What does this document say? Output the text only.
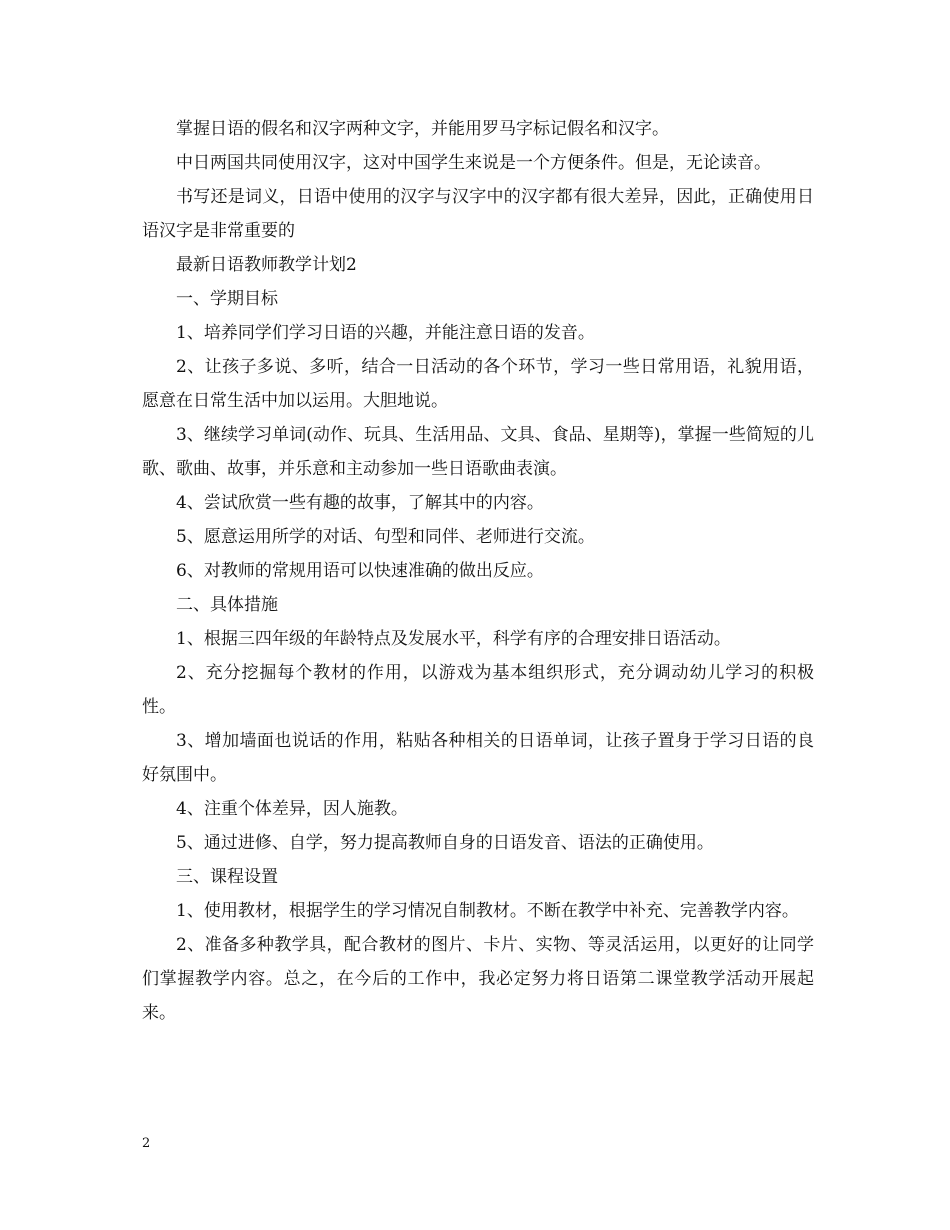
掌握日语的假名和汉字两种文字，并能用罗马字标记假名和汉字。

中日两国共同使用汉字，这对中国学生来说是一个方便条件。但是，无论读音。

书写还是词义，日语中使用的汉字与汉字中的汉字都有很大差异，因此，正确使用日语汉字是非常重要的

最新日语教师教学计划2

一、学期目标

1、培养同学们学习日语的兴趣，并能注意日语的发音。

2、让孩子多说、多听，结合一日活动的各个环节，学习一些日常用语，礼貌用语，愿意在日常生活中加以运用。大胆地说。

3、继续学习单词(动作、玩具、生活用品、文具、食品、星期等)，掌握一些简短的儿歌、歌曲、故事，并乐意和主动参加一些日语歌曲表演。

4、尝试欣赏一些有趣的故事，了解其中的内容。

5、愿意运用所学的对话、句型和同伴、老师进行交流。

6、对教师的常规用语可以快速准确的做出反应。

二、具体措施

1、根据三四年级的年龄特点及发展水平，科学有序的合理安排日语活动。

2、充分挖掘每个教材的作用，以游戏为基本组织形式，充分调动幼儿学习的积极性。

3、增加墙面也说话的作用，粘贴各种相关的日语单词，让孩子置身于学习日语的良好氛围中。

4、注重个体差异，因人施教。

5、通过进修、自学，努力提高教师自身的日语发音、语法的正确使用。

三、课程设置

1、使用教材，根据学生的学习情况自制教材。不断在教学中补充、完善教学内容。

2、准备多种教学具，配合教材的图片、卡片、实物、等灵活运用，以更好的让同学们掌握教学内容。总之，在今后的工作中，我必定努力将日语第二课堂教学活动开展起来。

2
